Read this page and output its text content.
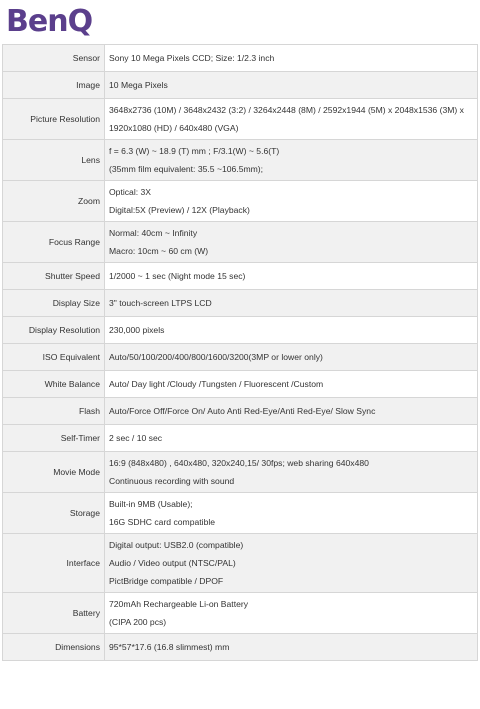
BenQ
Sensor	Sony 10 Mega Pixels CCD; Size: 1/2.3 inch

Image	10 Mega Pixels

Picture Resolution	3648x2736 (10M) / 3648x2432 (3:2) / 3264x2448 (8M) / 2592x1944 (5M) x 2048x1536 (3M) x
1920x1080 (HD) / 640x480 (VGA)

Lens	f = 6.3 (W) ~ 18.9 (T) mm ; F/3.1(W) ~ 5.6(T)
(35mm film equivalent: 35.5 ~106.5mm);

Zoom	Optical: 3X
Digital:5X (Preview) / 12X (Playback)

Focus Range	Normal: 40cm ~ Infinity
Macro: 10cm ~ 60 cm (W)

Shutter Speed	1/2000 ~ 1 sec (Night mode 15 sec)

Display Size	3" touch-screen LTPS LCD

Display Resolution	230,000 pixels

ISO Equivalent	Auto/50/100/200/400/800/1600/3200(3MP or lower only)

White Balance	Auto/ Day light /Cloudy /Tungsten / Fluorescent /Custom

Flash	Auto/Force Off/Force On/ Auto Anti Red-Eye/Anti Red-Eye/ Slow Sync

Self-Timer	2 sec / 10 sec

Movie Mode	16:9 (848x480) , 640x480, 320x240,15/ 30fps; web sharing 640x480
Continuous recording with sound

Storage	Built-in 9MB (Usable);
16G SDHC card compatible

Interface	Digital output: USB2.0 (compatible)
Audio / Video output (NTSC/PAL)
PictBridge compatible / DPOF

Battery	720mAh Rechargeable Li-on Battery
(CIPA 200 pcs)

Dimensions	95*57*17.6 (16.8 slimmest) mm
